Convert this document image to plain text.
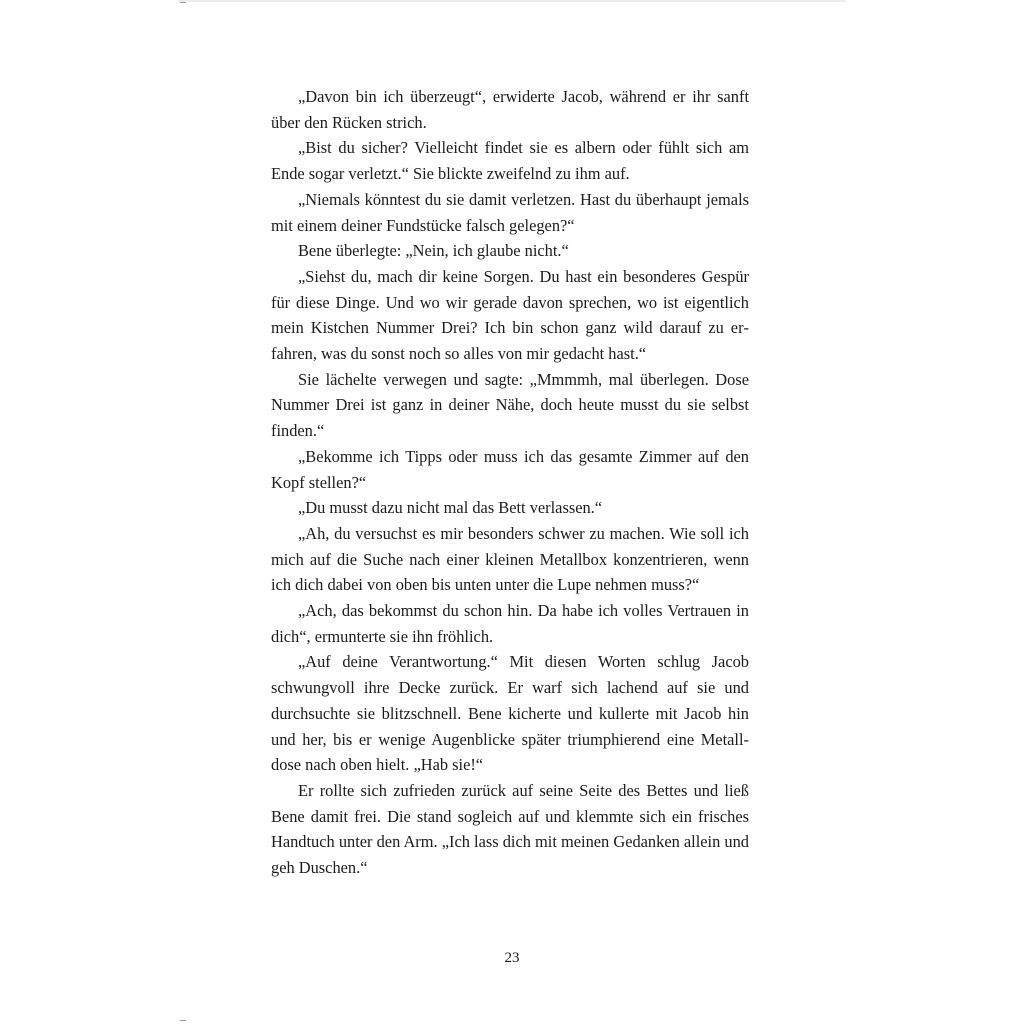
„Davon bin ich überzeugt“, erwiderte Jacob, während er ihr sanft über den Rücken strich.

„Bist du sicher? Vielleicht findet sie es albern oder fühlt sich am Ende sogar verletzt.“ Sie blickte zweifelnd zu ihm auf.

„Niemals könntest du sie damit verletzen. Hast du überhaupt jemals mit einem deiner Fundstücke falsch gelegen?“

Bene überlegte: „Nein, ich glaube nicht.“

„Siehst du, mach dir keine Sorgen. Du hast ein besonderes Gespür für diese Dinge. Und wo wir gerade davon sprechen, wo ist eigentlich mein Kistchen Nummer Drei? Ich bin schon ganz wild darauf zu erfahren, was du sonst noch so alles von mir gedacht hast.“

Sie lächelte verwegen und sagte: „Mmmmh, mal überlegen. Dose Nummer Drei ist ganz in deiner Nähe, doch heute musst du sie selbst finden.“

„Bekomme ich Tipps oder muss ich das gesamte Zimmer auf den Kopf stellen?“

„Du musst dazu nicht mal das Bett verlassen.“

„Ah, du versuchst es mir besonders schwer zu machen. Wie soll ich mich auf die Suche nach einer kleinen Metallbox konzentrieren, wenn ich dich dabei von oben bis unten unter die Lupe nehmen muss?“

„Ach, das bekommst du schon hin. Da habe ich volles Vertrauen in dich“, ermunterte sie ihn fröhlich.

„Auf deine Verantwortung.“ Mit diesen Worten schlug Jacob schwungvoll ihre Decke zurück. Er warf sich lachend auf sie und durchsuchte sie blitzschnell. Bene kicherte und kullerte mit Jacob hin und her, bis er wenige Augenblicke später triumphierend eine Metalldose nach oben hielt. „Hab sie!“

Er rollte sich zufrieden zurück auf seine Seite des Bettes und ließ Bene damit frei. Die stand sogleich auf und klemmte sich ein frisches Handtuch unter den Arm. „Ich lass dich mit meinen Gedanken allein und geh Duschen.“

23
